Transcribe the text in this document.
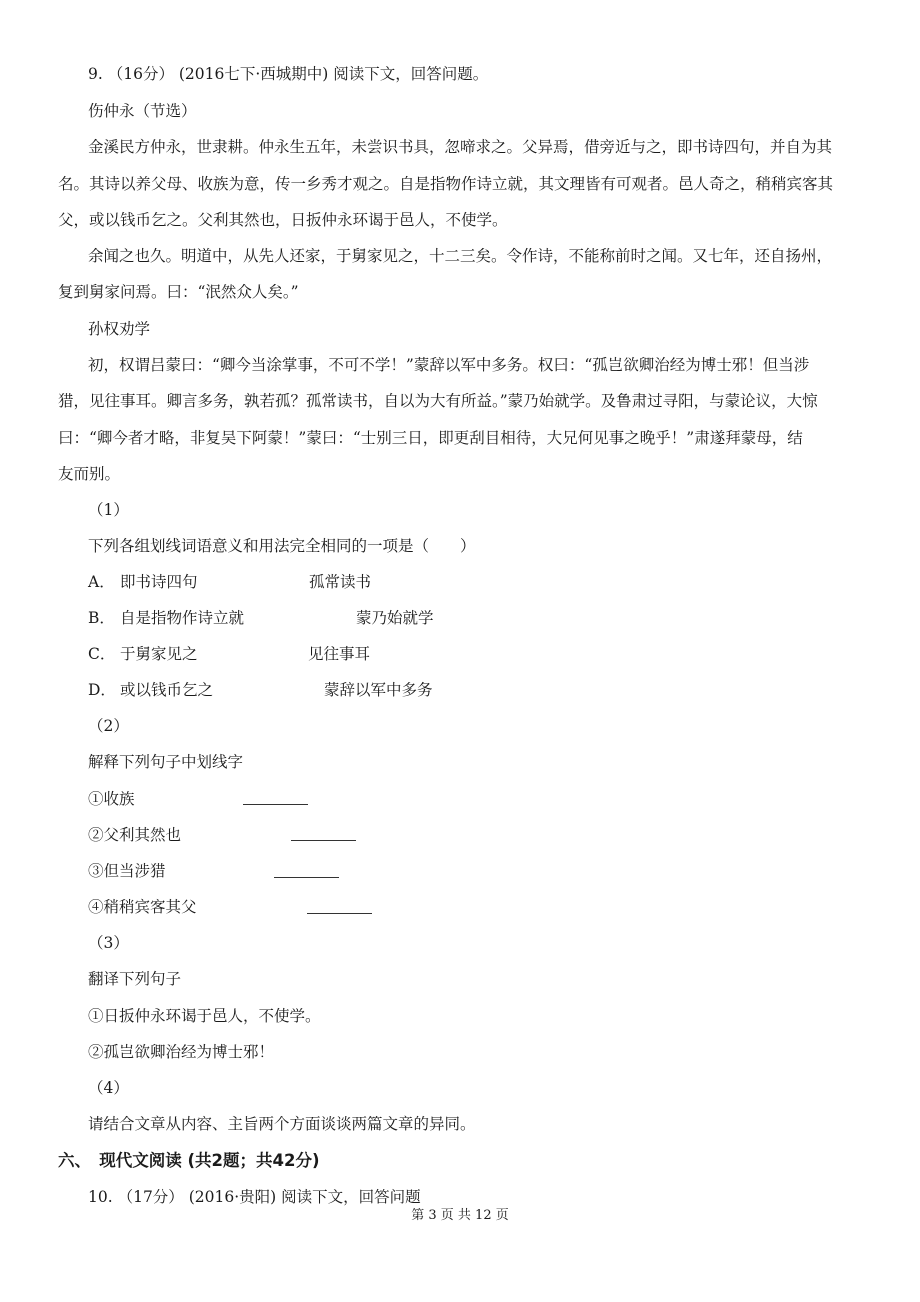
9. （16分） (2016七下·西城期中) 阅读下文，回答问题。
伤仲永（节选）
金溪民方仲永，世隶耕。仲永生五年，未尝识书具，忽啼求之。父异焉，借旁近与之，即书诗四句，并自为其
名。其诗以养父母、收族为意，传一乡秀才观之。自是指物作诗立就，其文理皆有可观者。邑人奇之，稍稍宾客其
父，或以钱币乞之。父利其然也，日扳仲永环谒于邑人，不使学。
余闻之也久。明道中，从先人还家，于舅家见之，十二三矣。令作诗，不能称前时之闻。又七年，还自扬州，
复到舅家问焉。曰：“泯然众人矣。”
孙权劝学
初，权谓吕蒙曰：“卿今当涂掌事，不可不学！”蒙辞以军中多务。权曰：“孤岂欲卿治经为博士邪！但当涉
猎，见往事耳。卿言多务，孰若孤？孤常读书，自以为大有所益。”蒙乃始就学。及鲁肃过寻阳，与蒙论议，大惊
曰：“卿今者才略，非复吴下阿蒙！”蒙曰：“士别三日，即更刮目相待，大兄何见事之晚乎！”肃遂拜蒙母，结
友而别。
（1）
下列各组划线词语意义和用法完全相同的一项是（　　）
A． 即书诗四句	孤常读书
B． 自是指物作诗立就	蒙乃始就学
C． 于舅家见之	见往事耳
D． 或以钱币乞之	蒙辞以军中多务
（2）
解释下列句子中划线字
①收族
②父利其然也
③但当涉猎
④稍稍宾客其父
（3）
翻译下列句子
①日扳仲永环谒于邑人，不使学。
②孤岂欲卿治经为博士邪！
（4）
请结合文章从内容、主旨两个方面谈谈两篇文章的异同。
六、　现代文阅读 (共2题；共42分)
10. （17分） (2016·贵阳) 阅读下文，回答问题
第 3 页 共 12 页
